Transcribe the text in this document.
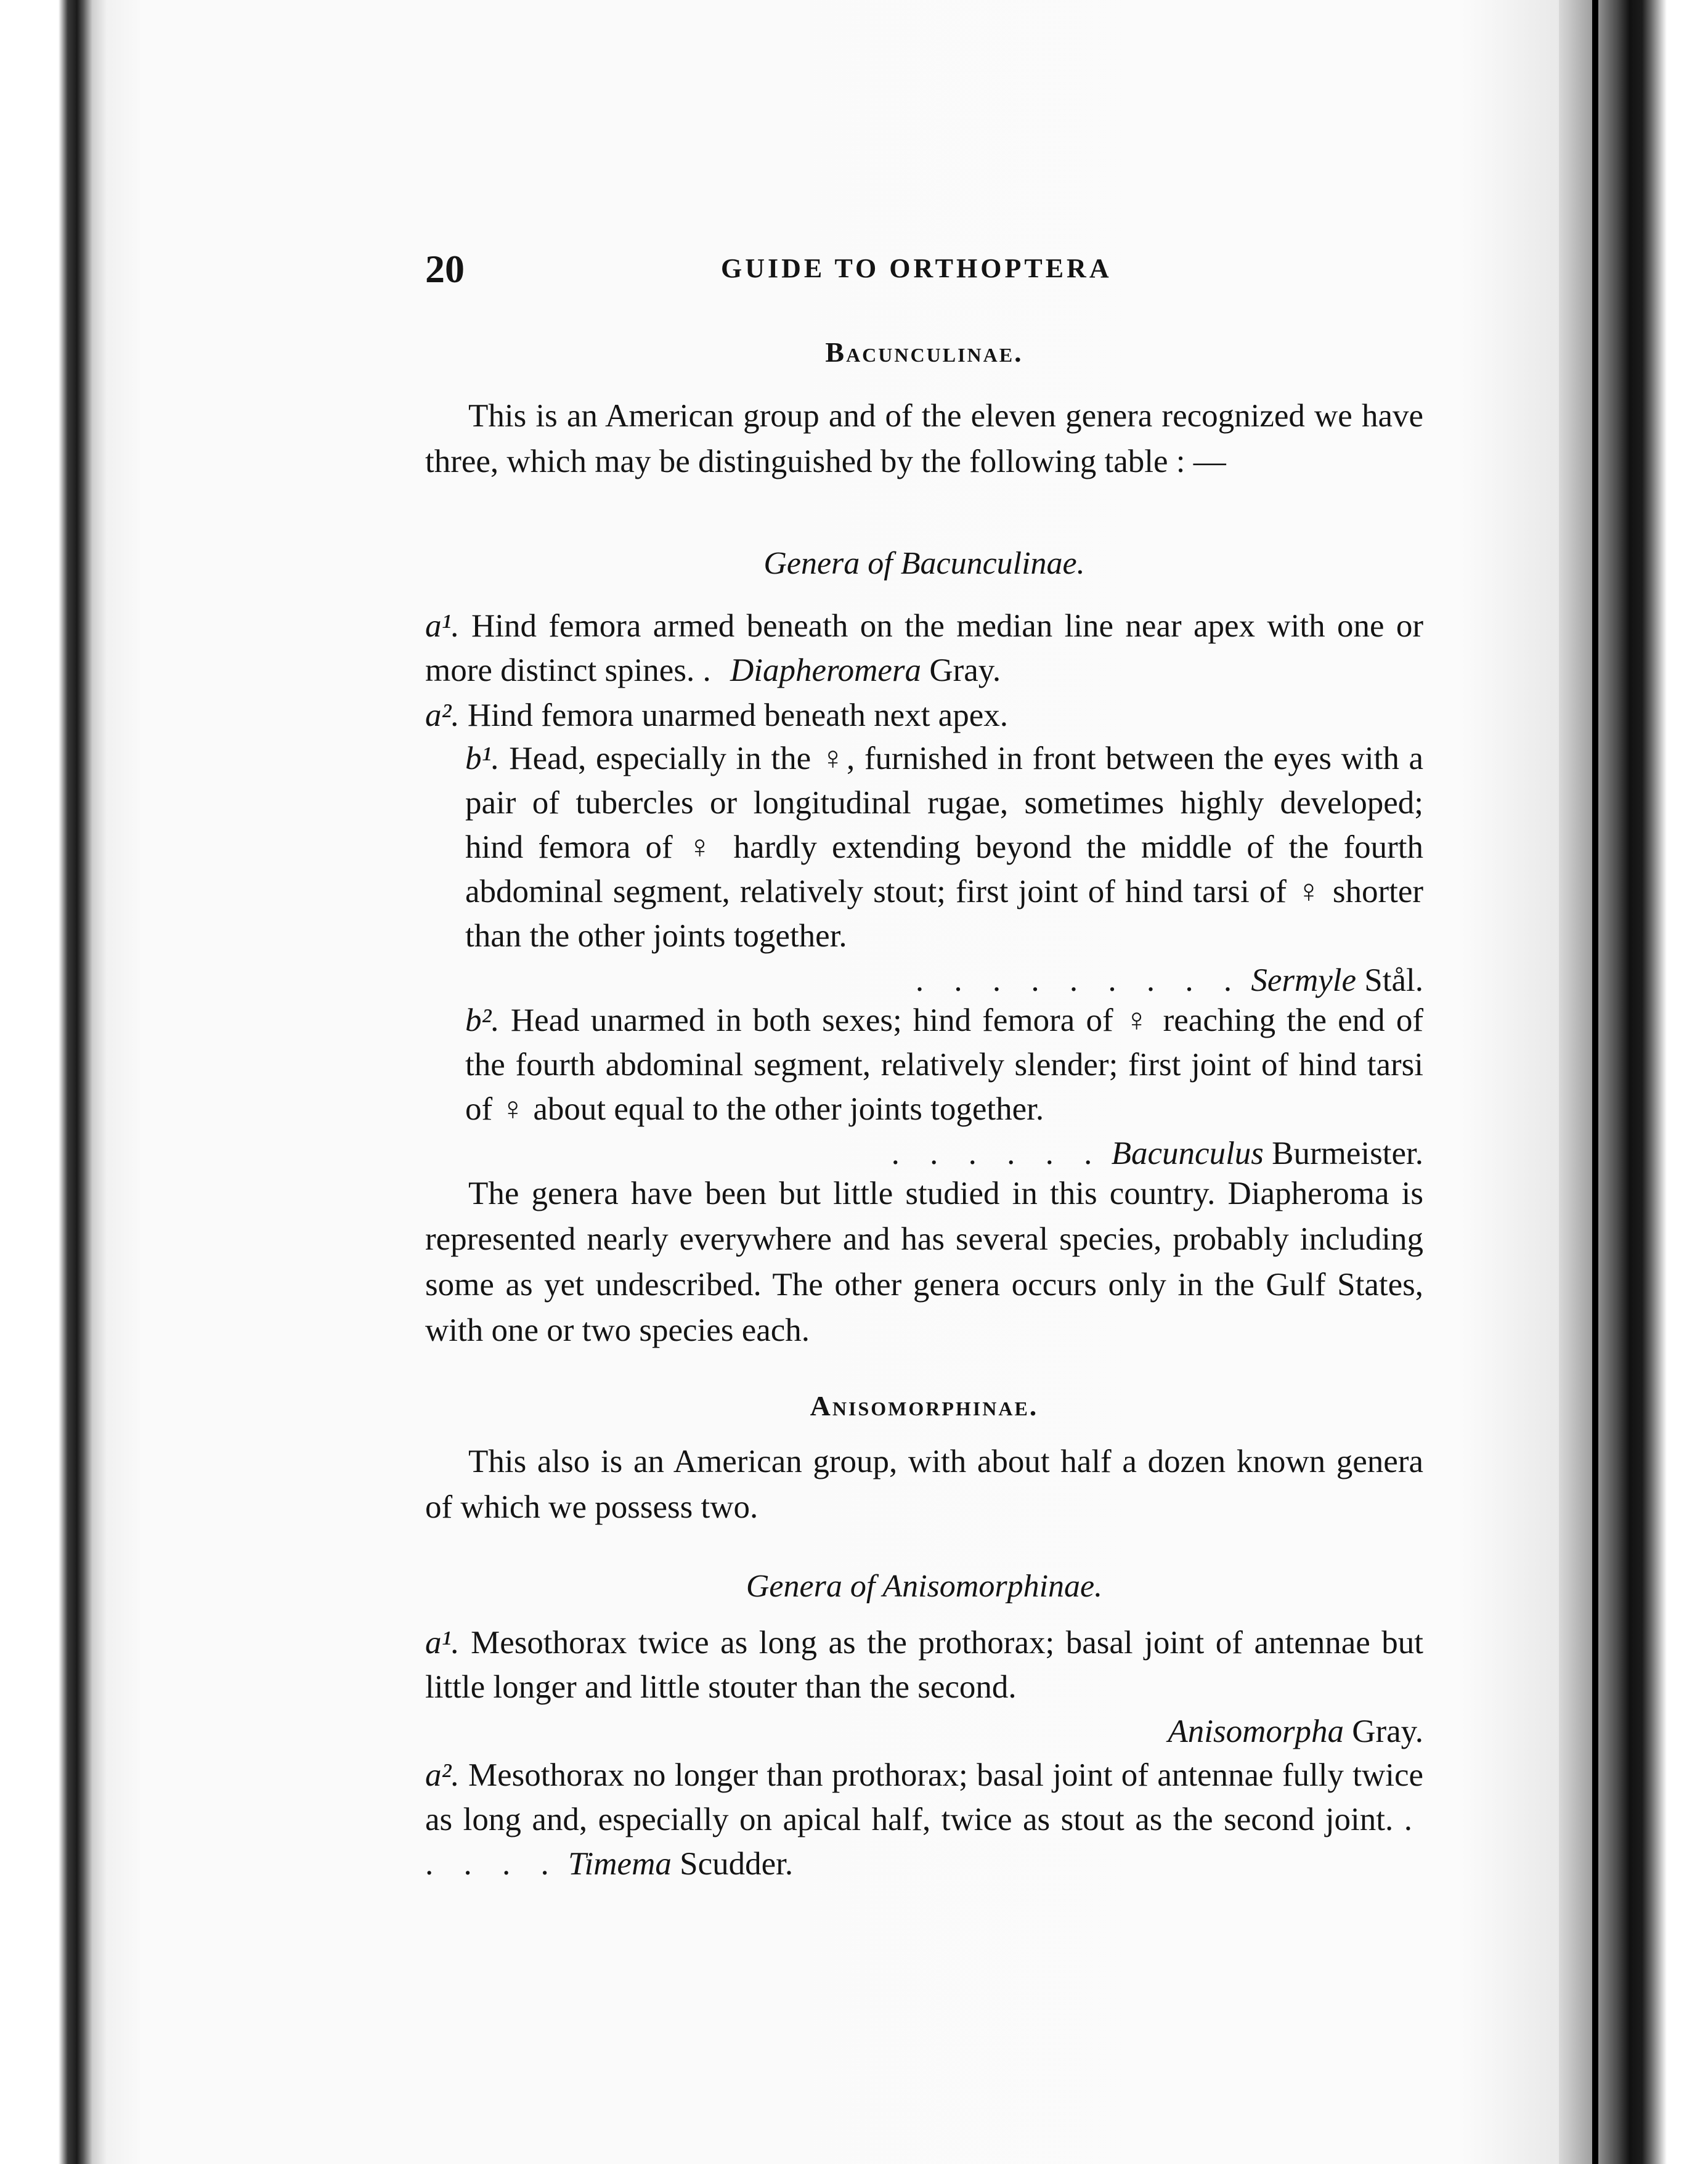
20	GUIDE TO ORTHOPTERA
Bacunculinae.
This is an American group and of the eleven genera recognized we have three, which may be distinguished by the following table : —
Genera of Bacunculinae.
a¹. Hind femora armed beneath on the median line near apex with one or more distinct spines. . Diapheromera Gray.
a². Hind femora unarmed beneath next apex.
b¹. Head, especially in the ♀, furnished in front between the eyes with a pair of tubercles or longitudinal rugae, sometimes highly developed; hind femora of ♀ hardly extending beyond the middle of the fourth abdominal segment, relatively stout; first joint of hind tarsi of ♀ shorter than the other joints together.
. . . . . . . . . Sermyle Stål.
b². Head unarmed in both sexes; hind femora of ♀ reaching the end of the fourth abdominal segment, relatively slender; first joint of hind tarsi of ♀ about equal to the other joints together.
. . . . . . Bacunculus Burmeister.
The genera have been but little studied in this country. Diapheroma is represented nearly everywhere and has several species, probably including some as yet undescribed. The other genera occurs only in the Gulf States, with one or two species each.
Anisomorphinae.
This also is an American group, with about half a dozen known genera of which we possess two.
Genera of Anisomorphinae.
a¹. Mesothorax twice as long as the prothorax; basal joint of antennae but little longer and little stouter than the second.
Anisomorpha Gray.
a². Mesothorax no longer than prothorax; basal joint of antennae fully twice as long and, especially on apical half, twice as stout as the second joint. . . . . . Timema Scudder.
